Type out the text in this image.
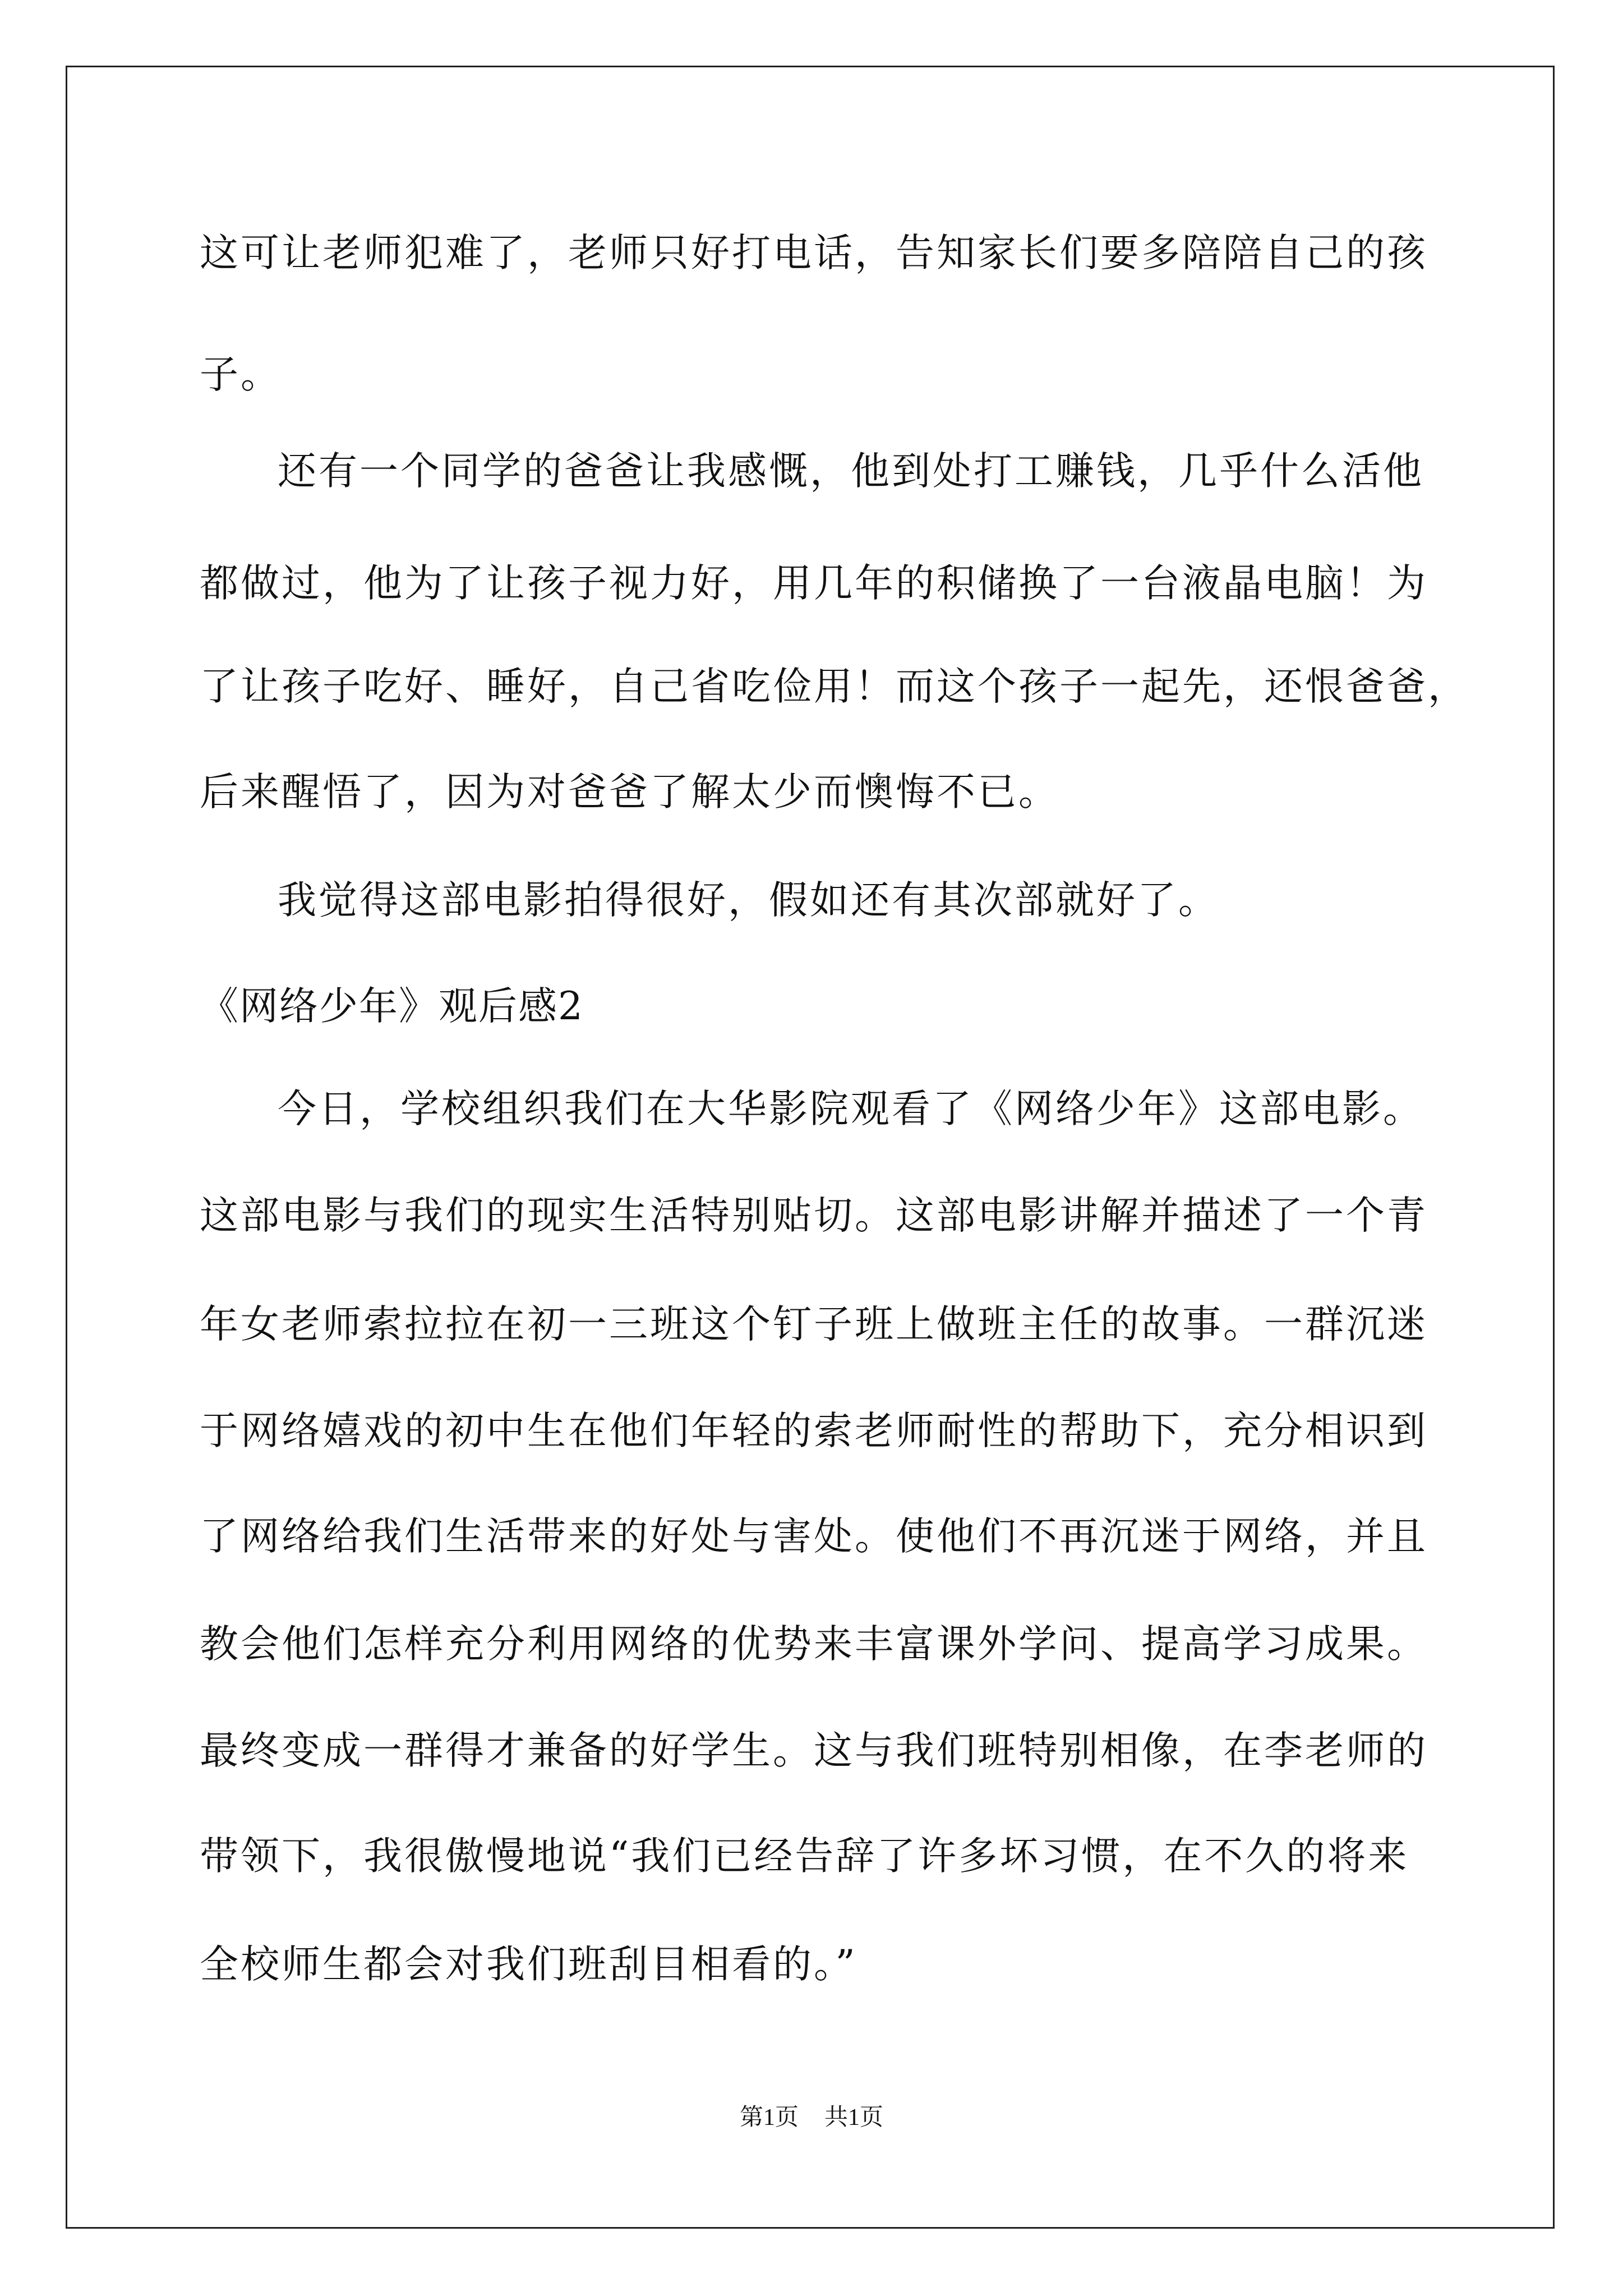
这可让老师犯难了，老师只好打电话，告知家长们要多陪陪自己的孩
子。
还有一个同学的爸爸让我感慨，他到处打工赚钱，几乎什么活他
都做过，他为了让孩子视力好，用几年的积储换了一台液晶电脑！为
了让孩子吃好、睡好，自己省吃俭用！而这个孩子一起先，还恨爸爸，
后来醒悟了，因为对爸爸了解太少而懊悔不已。
我觉得这部电影拍得很好，假如还有其次部就好了。
《网络少年》观后感2
今日，学校组织我们在大华影院观看了《网络少年》这部电影。
这部电影与我们的现实生活特别贴切。这部电影讲解并描述了一个青
年女老师索拉拉在初一三班这个钉子班上做班主任的故事。一群沉迷
于网络嬉戏的初中生在他们年轻的索老师耐性的帮助下，充分相识到
了网络给我们生活带来的好处与害处。使他们不再沉迷于网络，并且
教会他们怎样充分利用网络的优势来丰富课外学问、提高学习成果。
最终变成一群得才兼备的好学生。这与我们班特别相像，在李老师的
带领下，我很傲慢地说“我们已经告辞了许多坏习惯，在不久的将来
全校师生都会对我们班刮目相看的。”
第1页 共1页
